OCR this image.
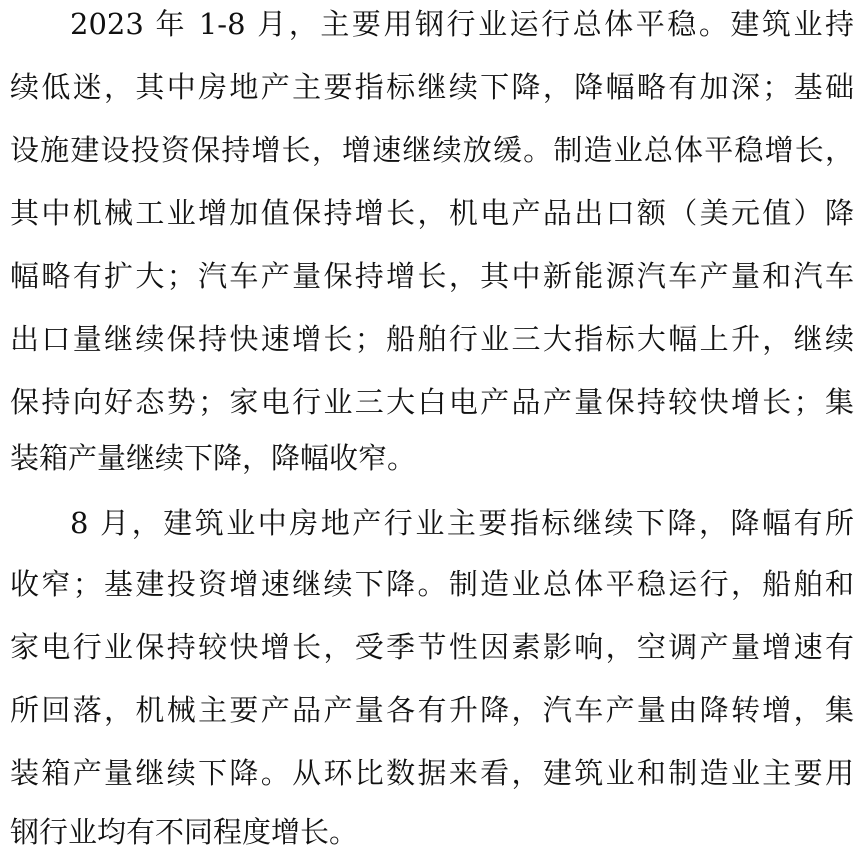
2023 年 1-8 月，主要用钢行业运行总体平稳。建筑业持
续低迷，其中房地产主要指标继续下降，降幅略有加深；基础
设施建设投资保持增长，增速继续放缓。制造业总体平稳增长，
其中机械工业增加值保持增长，机电产品出口额（美元值）降
幅略有扩大；汽车产量保持增长，其中新能源汽车产量和汽车
出口量继续保持快速增长；船舶行业三大指标大幅上升，继续
保持向好态势；家电行业三大白电产品产量保持较快增长；集
装箱产量继续下降，降幅收窄。
8 月，建筑业中房地产行业主要指标继续下降，降幅有所
收窄；基建投资增速继续下降。制造业总体平稳运行，船舶和
家电行业保持较快增长，受季节性因素影响，空调产量增速有
所回落，机械主要产品产量各有升降，汽车产量由降转增，集
装箱产量继续下降。从环比数据来看，建筑业和制造业主要用
钢行业均有不同程度增长。
